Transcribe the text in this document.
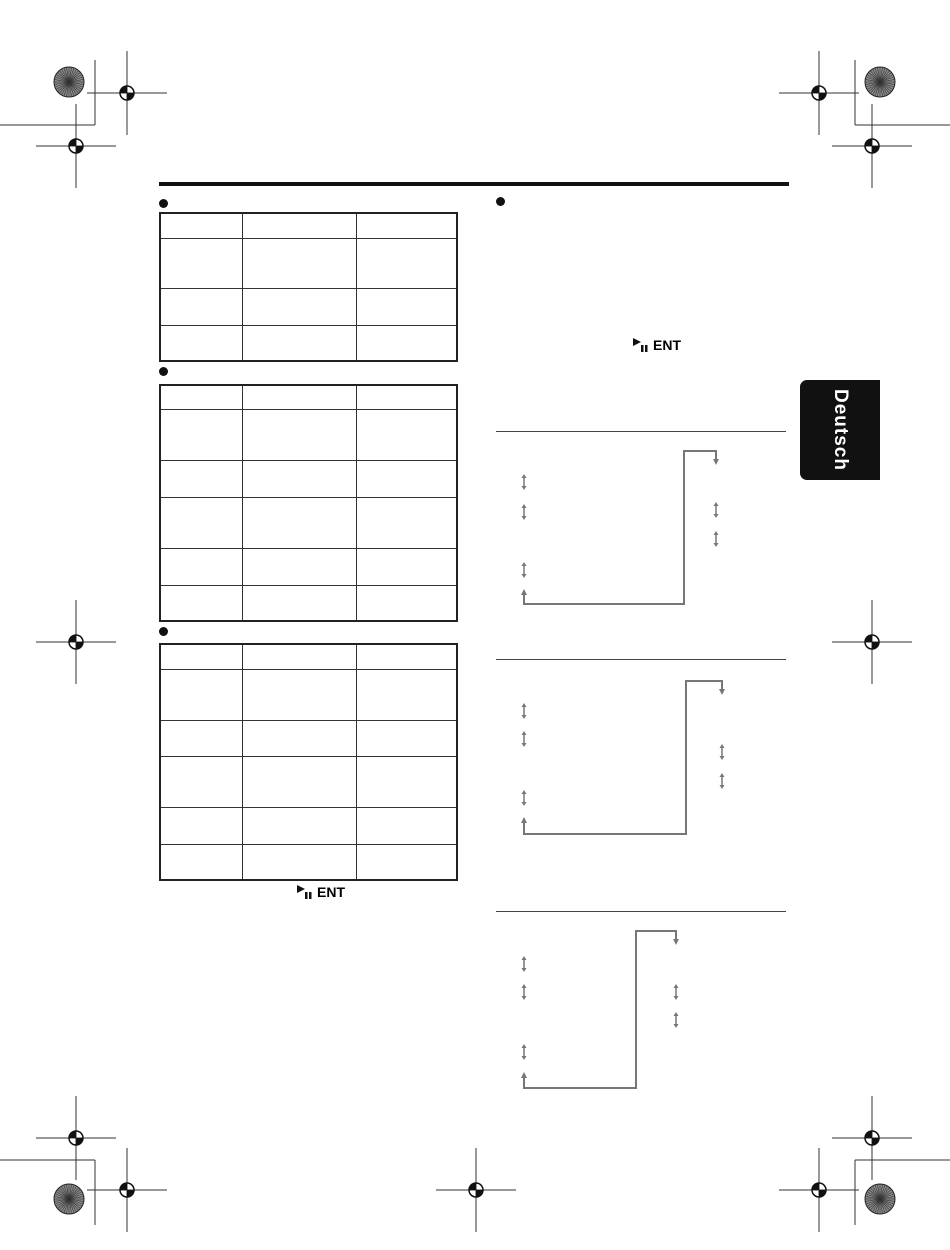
ENT
ENT
Deutsch
